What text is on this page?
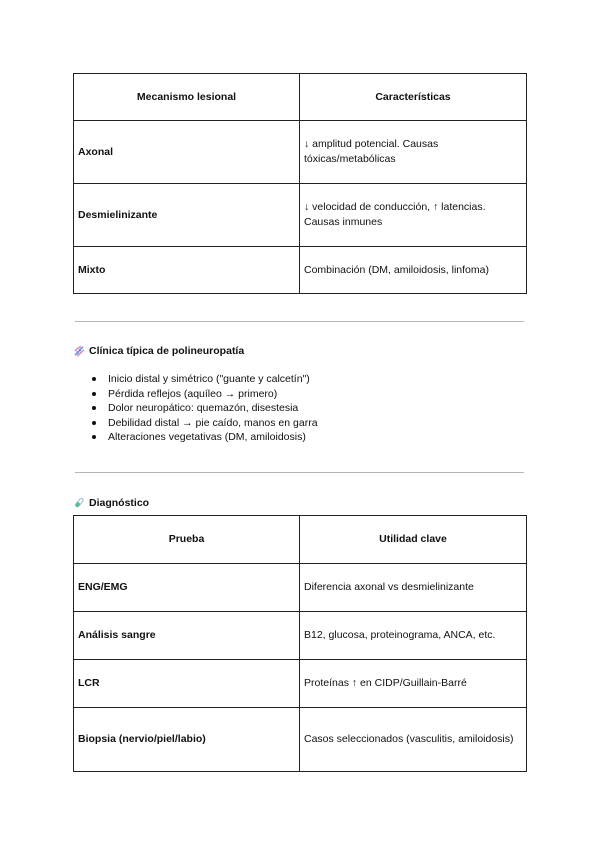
Mecanismo lesional	Características
Axonal	↓ amplitud potencial. Causas tóxicas/metabólicas
Desmielinizante	↓ velocidad de conducción, ↑ latencias. Causas inmunes
Mixto	Combinación (DM, amiloidosis, linfoma)
Clínica típica de polineuropatía
Inicio distal y simétrico ("guante y calcetín")
Pérdida reflejos (aquíleo → primero)
Dolor neuropático: quemazón, disestesia
Debilidad distal → pie caído, manos en garra
Alteraciones vegetativas (DM, amiloidosis)
Diagnóstico
Prueba	Utilidad clave
ENG/EMG	Diferencia axonal vs desmielinizante
Análisis sangre	B12, glucosa, proteinograma, ANCA, etc.
LCR	Proteínas ↑ en CIDP/Guillain-Barré
Biopsia (nervio/piel/labio)	Casos seleccionados (vasculitis, amiloidosis)
